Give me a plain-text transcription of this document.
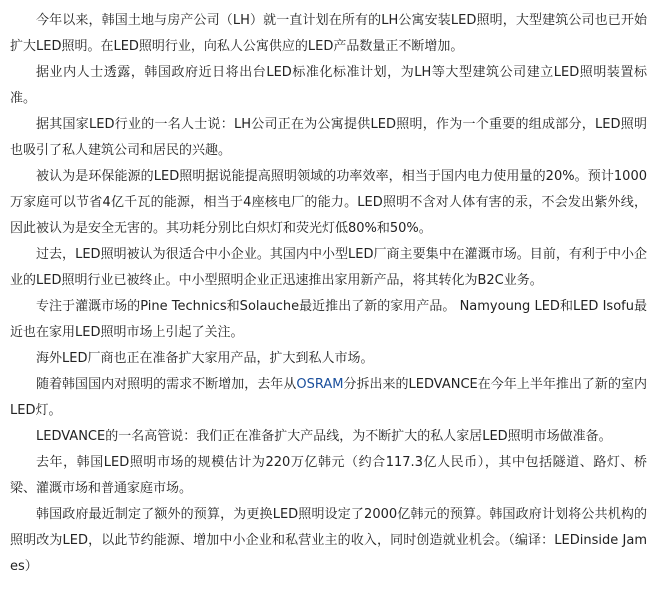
今年以来，韩国土地与房产公司（LH）就一直计划在所有的LH公寓安装LED照明，大型建筑公司也已开始扩大LED照明。在LED照明行业，向私人公寓供应的LED产品数量正不断增加。

据业内人士透露，韩国政府近日将出台LED标准化标准计划，为LH等大型建筑公司建立LED照明装置标准。

据其国家LED行业的一名人士说：LH公司正在为公寓提供LED照明，作为一个重要的组成部分，LED照明也吸引了私人建筑公司和居民的兴趣。

被认为是环保能源的LED照明据说能提高照明领域的功率效率，相当于国内电力使用量的20%。预计1000万家庭可以节省4亿千瓦的能源，相当于4座核电厂的能力。LED照明不含对人体有害的汞，不会发出紫外线，因此被认为是安全无害的。其功耗分别比白炽灯和荧光灯低80%和50%。

过去，LED照明被认为很适合中小企业。其国内中小型LED厂商主要集中在灌溉市场。目前，有利于中小企业的LED照明行业已被终止。中小型照明企业正迅速推出家用新产品，将其转化为B2C业务。

专注于灌溉市场的Pine Technics和Solauche最近推出了新的家用产品。 Namyoung LED和LED Isofu最近也在家用LED照明市场上引起了关注。

海外LED厂商也正在准备扩大家用产品，扩大到私人市场。

随着韩国国内对照明的需求不断增加，去年从OSRAM分拆出来的LEDVANCE在今年上半年推出了新的室内LED灯。

LEDVANCE的一名高管说：我们正在准备扩大产品线，为不断扩大的私人家居LED照明市场做准备。

去年，韩国LED照明市场的规模估计为220万亿韩元（约合117.3亿人民币），其中包括隧道、路灯、桥梁、灌溉市场和普通家庭市场。

韩国政府最近制定了额外的预算，为更换LED照明设定了2000亿韩元的预算。韩国政府计划将公共机构的照明改为LED，以此节约能源、增加中小企业和私营业主的收入，同时创造就业机会。（编译：LEDinside James）
